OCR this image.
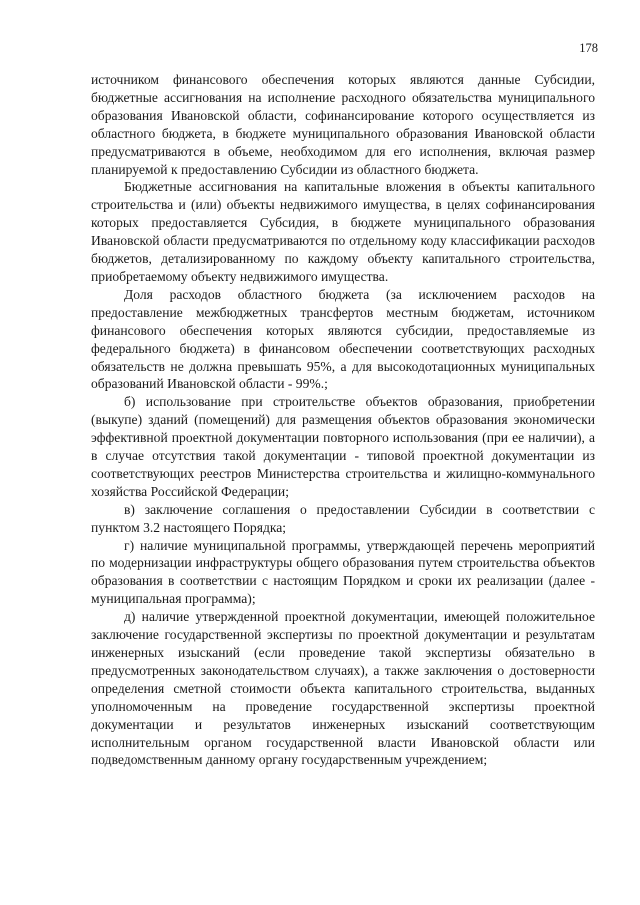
178

источником финансового обеспечения которых являются данные Субсидии, бюджетные ассигнования на исполнение расходного обязательства муниципального образования Ивановской области, софинансирование которого осуществляется из областного бюджета, в бюджете муниципального образования Ивановской области предусматриваются в объеме, необходимом для его исполнения, включая размер планируемой к предоставлению Субсидии из областного бюджета.

Бюджетные ассигнования на капитальные вложения в объекты капитального строительства и (или) объекты недвижимого имущества, в целях софинансирования которых предоставляется Субсидия, в бюджете муниципального образования Ивановской области предусматриваются по отдельному коду классификации расходов бюджетов, детализированному по каждому объекту капитального строительства, приобретаемому объекту недвижимого имущества.

Доля расходов областного бюджета (за исключением расходов на предоставление межбюджетных трансфертов местным бюджетам, источником финансового обеспечения которых являются субсидии, предоставляемые из федерального бюджета) в финансовом обеспечении соответствующих расходных обязательств не должна превышать 95%, а для высокодотационных муниципальных образований Ивановской области - 99%.;

б) использование при строительстве объектов образования, приобретении (выкупе) зданий (помещений) для размещения объектов образования экономически эффективной проектной документации повторного использования (при ее наличии), а в случае отсутствия такой документации - типовой проектной документации из соответствующих реестров Министерства строительства и жилищно-коммунального хозяйства Российской Федерации;

в) заключение соглашения о предоставлении Субсидии в соответствии с пунктом 3.2 настоящего Порядка;

г) наличие муниципальной программы, утверждающей перечень мероприятий по модернизации инфраструктуры общего образования путем строительства объектов образования в соответствии с настоящим Порядком и сроки их реализации (далее - муниципальная программа);

д) наличие утвержденной проектной документации, имеющей положительное заключение государственной экспертизы по проектной документации и результатам инженерных изысканий (если проведение такой экспертизы обязательно в предусмотренных законодательством случаях), а также заключения о достоверности определения сметной стоимости объекта капитального строительства, выданных уполномоченным на проведение государственной экспертизы проектной документации и результатов инженерных изысканий соответствующим исполнительным органом государственной власти Ивановской области или подведомственным данному органу государственным учреждением;
